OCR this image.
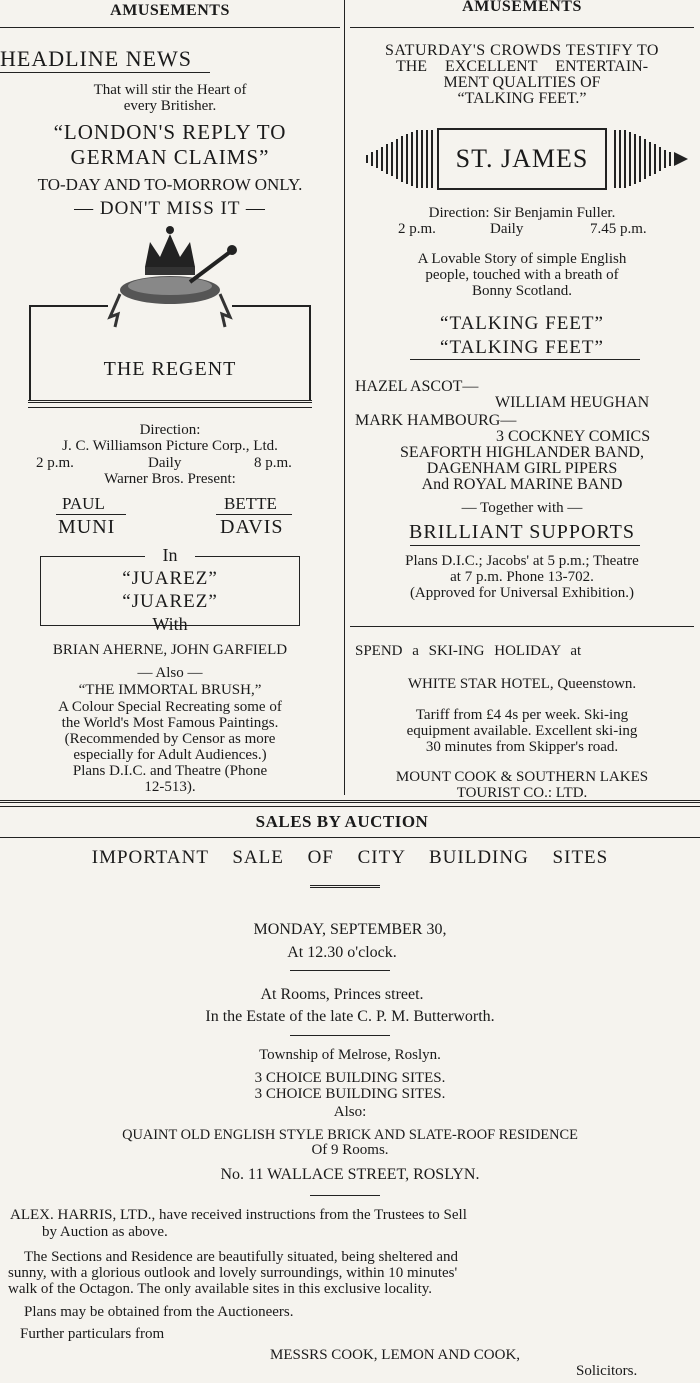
AMUSEMENTS
HEADLINE NEWS
That will stir the Heart of
every Britisher.
“LONDON'S REPLY TO
GERMAN CLAIMS”
TO-DAY AND TO-MORROW ONLY.
— DON'T MISS IT —
THE REGENT
Direction:
J. C. Williamson Picture Corp., Ltd.
2 p.m.	Daily	8 p.m.
Warner Bros. Present:
PAUL
MUNI
BETTE
DAVIS
In
“JUAREZ”
“JUAREZ”
With
BRIAN AHERNE, JOHN GARFIELD
— Also —
“THE IMMORTAL BRUSH,”
A Colour Special Recreating some of
the World's Most Famous Paintings.
(Recommended by Censor as more
especially for Adult Audiences.)
Plans D.I.C. and Theatre (Phone
12-513).
AMUSEMENTS
SATURDAY'S CROWDS TESTIFY TO
THE EXCELLENT ENTERTAIN-
MENT QUALITIES OF
“TALKING FEET.”
ST. JAMES
Direction: Sir Benjamin Fuller.
2 p.m.	Daily	7.45 p.m.
A Lovable Story of simple English
people, touched with a breath of
Bonny Scotland.
“TALKING FEET”
“TALKING FEET”
HAZEL ASCOT—
WILLIAM HEUGHAN
MARK HAMBOURG—
3 COCKNEY COMICS
SEAFORTH HIGHLANDER BAND,
DAGENHAM GIRL PIPERS
And ROYAL MARINE BAND
— Together with —
BRILLIANT SUPPORTS
Plans D.I.C.; Jacobs' at 5 p.m.; Theatre
at 7 p.m. Phone 13-702.
(Approved for Universal Exhibition.)
SPEND a SKI-ING HOLIDAY at
WHITE STAR HOTEL, Queenstown.
Tariff from £4 4s per week. Ski-ing
equipment available. Excellent ski-ing
30 minutes from Skipper's road.
MOUNT COOK & SOUTHERN LAKES
TOURIST CO.: LTD.
SALES BY AUCTION
IMPORTANT SALE OF CITY BUILDING SITES
MONDAY, SEPTEMBER 30,
At 12.30 o'clock.
At Rooms, Princes street.
In the Estate of the late C. P. M. Butterworth.
Township of Melrose, Roslyn.
3 CHOICE BUILDING SITES.
3 CHOICE BUILDING SITES.
Also:
QUAINT OLD ENGLISH STYLE BRICK AND SLATE-ROOF RESIDENCE
Of 9 Rooms.
No. 11 WALLACE STREET, ROSLYN.
ALEX. HARRIS, LTD., have received instructions from the Trustees to Sell
by Auction as above.
The Sections and Residence are beautifully situated, being sheltered and
sunny, with a glorious outlook and lovely surroundings, within 10 minutes'
walk of the Octagon. The only available sites in this exclusive locality.
Plans may be obtained from the Auctioneers.
Further particulars from
MESSRS COOK, LEMON AND COOK,
Solicitors.
